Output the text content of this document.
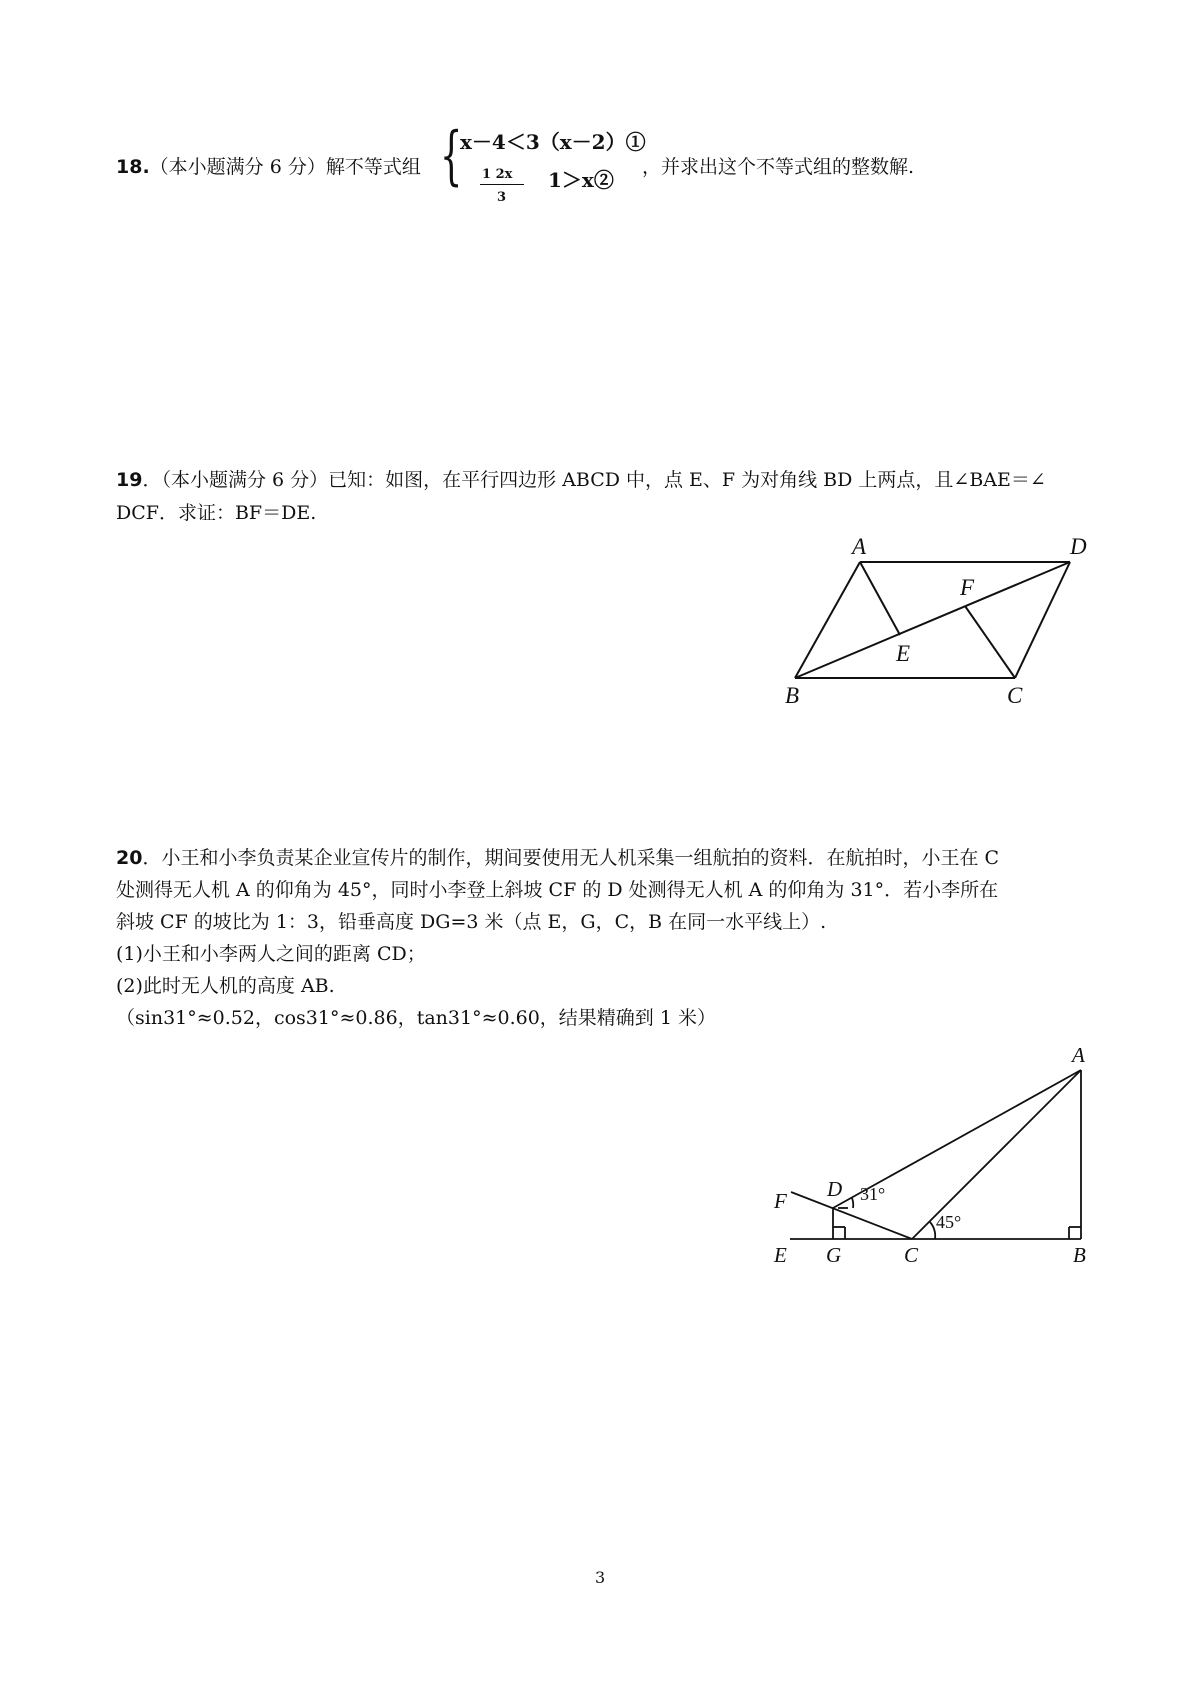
18.（本小题满分 6 分）解不等式组 {
x－4＜3（x－2）①
1 2x
3
1＞x②
，并求出这个不等式组的整数解.
19．（本小题满分 6 分）已知：如图，在平行四边形 ABCD 中，点 E、F 为对角线 BD 上两点，且∠BAE＝∠
DCF．求证：BF＝DE.
A	D
F
E
B	C
20．小王和小李负责某企业宣传片的制作，期间要使用无人机采集一组航拍的资料．在航拍时，小王在 C
处测得无人机 A 的仰角为 45°，同时小李登上斜坡 CF 的 D 处测得无人机 A 的仰角为 31°．若小李所在
斜坡 CF 的坡比为 1：3，铅垂高度 DG=3 米（点 E，G，C，B 在同一水平线上）.
(1)小王和小李两人之间的距离 CD；
(2)此时无人机的高度 AB.
（sin31°≈0.52，cos31°≈0.86，tan31°≈0.60，结果精确到 1 米）
A
D
F
E G	C	B
31°
45°
3
